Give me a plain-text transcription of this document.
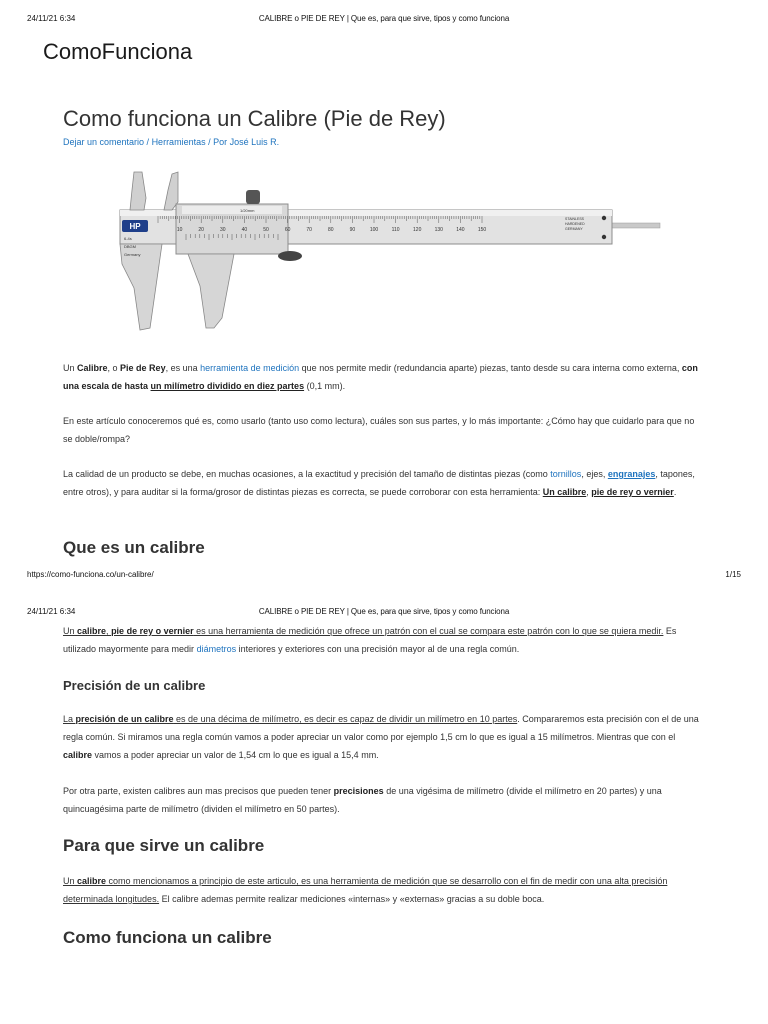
24/11/21 6:34	CALIBRE o PIE DE REY | Que es, para que sirve, tipos y como funciona
ComoFunciona
Como funciona un Calibre (Pie de Rey)
Dejar un comentario / Herramientas / Por José Luis R.
HP
6-4s
DBGM
Germany
1/20mm
10	20	30	40	50	60	70	80	90	100	110	120	130	140	150
STAINLESS
HARDENED
GERMANY

Un Calibre, o Pie de Rey, es una herramienta de medición que nos permite medir (redundancia aparte) piezas, tanto desde su cara interna como externa, con una escala de hasta un milímetro dividido en diez partes (0,1 mm).

En este artículo conoceremos qué es, como usarlo (tanto uso como lectura), cuáles son sus partes, y lo más importante: ¿Cómo hay que cuidarlo para que no se doble/rompa?

La calidad de un producto se debe, en muchas ocasiones, a la exactitud y precisión del tamaño de distintas piezas (como tornillos, ejes, engranajes, tapones, entre otros), y para auditar si la forma/grosor de distintas piezas es correcta, se puede corroborar con esta herramienta: Un calibre, pie de rey o vernier.

Que es un calibre
https://como-funciona.co/un-calibre/	1/15
24/11/21 6:34	CALIBRE o PIE DE REY | Que es, para que sirve, tipos y como funciona

Un calibre, pie de rey o vernier es una herramienta de medición que ofrece un patrón con el cual se compara este patrón con lo que se quiera medir. Es utilizado mayormente para medir diámetros interiores y exteriores con una precisión mayor al de una regla común.

Precisión de un calibre

La precisión de un calibre es de una décima de milímetro, es decir es capaz de dividir un milímetro en 10 partes. Compararemos esta precisión con el de una regla común. Si miramos una regla común vamos a poder apreciar un valor como por ejemplo 1,5 cm lo que es igual a 15 milímetros. Mientras que con el calibre vamos a poder apreciar un valor de 1,54 cm lo que es igual a 15,4 mm.

Por otra parte, existen calibres aun mas precisos que pueden tener precisiones de una vigésima de milímetro (divide el milímetro en 20 partes) y una quincuagésima parte de milímetro (dividen el milímetro en 50 partes).

Para que sirve un calibre

Un calibre como mencionamos a principio de este articulo, es una herramienta de medición que se desarrollo con el fin de medir con una alta precisión determinada longitudes. El calibre ademas permite realizar mediciones «internas» y «externas» gracias a su doble boca.

Como funciona un calibre
